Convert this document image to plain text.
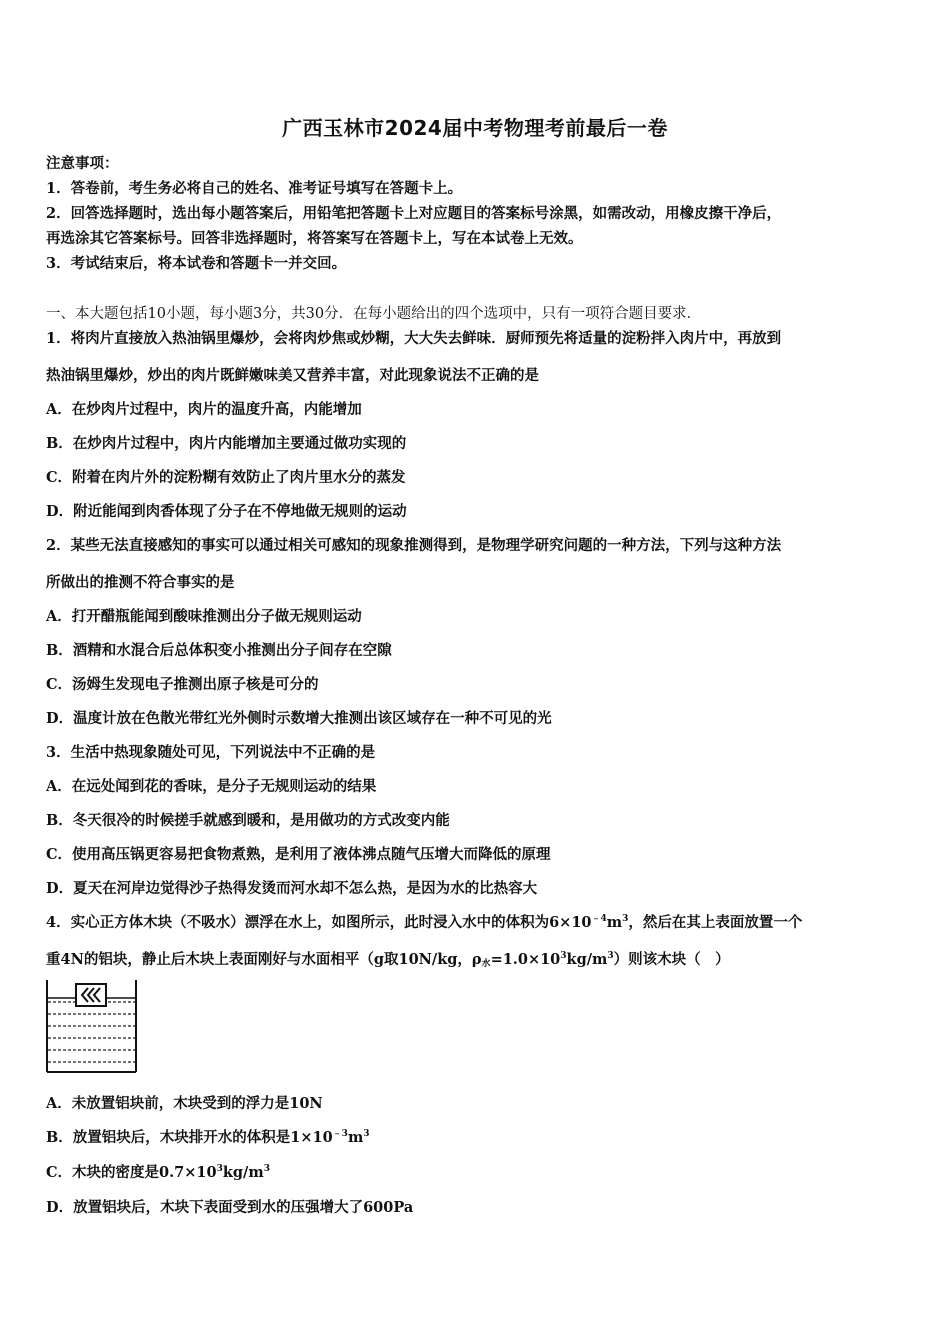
广西玉林市2024届中考物理考前最后一卷
注意事项：
1．答卷前，考生务必将自己的姓名、准考证号填写在答题卡上。
2．回答选择题时，选出每小题答案后，用铅笔把答题卡上对应题目的答案标号涂黑，如需改动，用橡皮擦干净后，
再选涂其它答案标号。回答非选择题时，将答案写在答题卡上，写在本试卷上无效。
3．考试结束后，将本试卷和答题卡一并交回。
一、本大题包括10小题，每小题3分，共30分．在每小题给出的四个选项中，只有一项符合题目要求．
1．将肉片直接放入热油锅里爆炒，会将肉炒焦或炒糊，大大失去鲜味．厨师预先将适量的淀粉拌入肉片中，再放到
热油锅里爆炒，炒出的肉片既鲜嫩味美又营养丰富，对此现象说法不正确的是
A．在炒肉片过程中，肉片的温度升高，内能增加
B．在炒肉片过程中，肉片内能增加主要通过做功实现的
C．附着在肉片外的淀粉糊有效防止了肉片里水分的蒸发
D．附近能闻到肉香体现了分子在不停地做无规则的运动
2．某些无法直接感知的事实可以通过相关可感知的现象推测得到，是物理学研究问题的一种方法，下列与这种方法
所做出的推测不符合事实的是
A．打开醋瓶能闻到酸味推测出分子做无规则运动
B．酒精和水混合后总体积变小推测出分子间存在空隙
C．汤姆生发现电子推测出原子核是可分的
D．温度计放在色散光带红光外侧时示数增大推测出该区域存在一种不可见的光
3．生活中热现象随处可见，下列说法中不正确的是
A．在远处闻到花的香味，是分子无规则运动的结果
B．冬天很冷的时候搓手就感到暖和，是用做功的方式改变内能
C．使用高压锅更容易把食物煮熟，是利用了液体沸点随气压增大而降低的原理
D．夏天在河岸边觉得沙子热得发烫而河水却不怎么热，是因为水的比热容大
4．实心正方体木块（不吸水）漂浮在水上，如图所示，此时浸入水中的体积为$6\times 10^{﹣4}m^3$，然后在其上表面放置一个
重4N的铝块，静止后木块上表面刚好与水面相平（g取10N/kg，$\rho_水=1.0\times 10^3kg/m^3$）则该木块（　）
A．未放置铝块前，木块受到的浮力是10N
B．放置铝块后，木块排开水的体积是$1\times 10^{﹣3}m^3$
C．木块的密度是$0.7\times 10^3kg/m^3$
D．放置铝块后，木块下表面受到水的压强增大了600Pa
